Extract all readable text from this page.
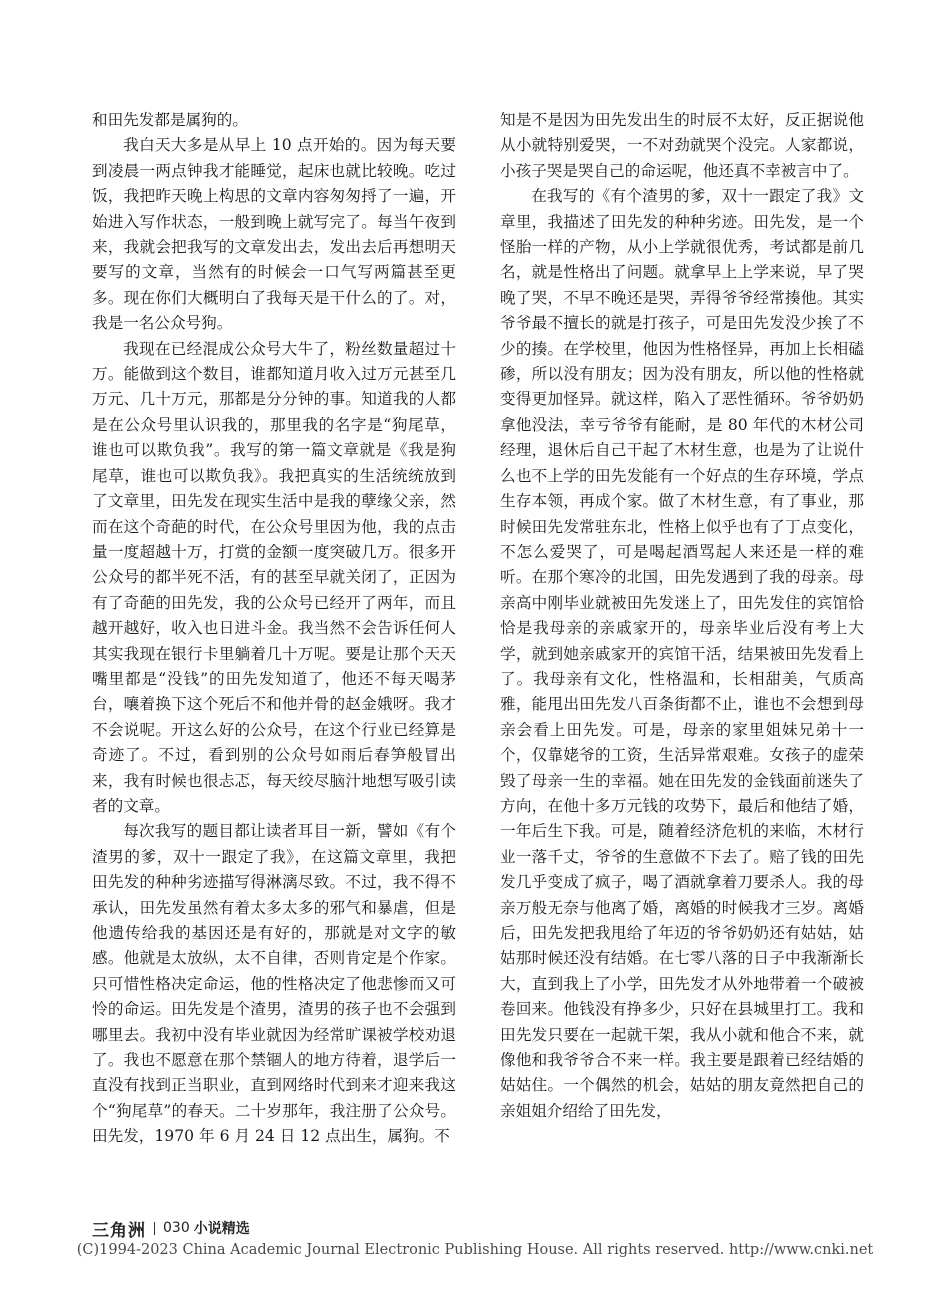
和田先发都是属狗的。

我白天大多是从早上 10 点开始的。因为每天要到凌晨一两点钟我才能睡觉，起床也就比较晚。吃过饭，我把昨天晚上构思的文章内容匆匆捋了一遍，开始进入写作状态，一般到晚上就写完了。每当午夜到来，我就会把我写的文章发出去，发出去后再想明天要写的文章，当然有的时候会一口气写两篇甚至更多。现在你们大概明白了我每天是干什么的了。对，我是一名公众号狗。

我现在已经混成公众号大牛了，粉丝数量超过十万。能做到这个数目，谁都知道月收入过万元甚至几万元、几十万元，那都是分分钟的事。知道我的人都是在公众号里认识我的，那里我的名字是“狗尾草，谁也可以欺负我”。我写的第一篇文章就是《我是狗尾草，谁也可以欺负我》。我把真实的生活统统放到了文章里，田先发在现实生活中是我的孽缘父亲，然而在这个奇葩的时代，在公众号里因为他，我的点击量一度超越十万，打赏的金额一度突破几万。很多开公众号的都半死不活，有的甚至早就关闭了，正因为有了奇葩的田先发，我的公众号已经开了两年，而且越开越好，收入也日进斗金。我当然不会告诉任何人其实我现在银行卡里躺着几十万呢。要是让那个天天嘴里都是“没钱”的田先发知道了，他还不每天喝茅台，嚷着换下这个死后不和他并骨的赵金娥呀。我才不会说呢。开这么好的公众号，在这个行业已经算是奇迹了。不过，看到别的公众号如雨后春笋般冒出来，我有时候也很忐忑，每天绞尽脑汁地想写吸引读者的文章。

每次我写的题目都让读者耳目一新，譬如《有个渣男的爹，双十一跟定了我》，在这篇文章里，我把田先发的种种劣迹描写得淋漓尽致。不过，我不得不承认，田先发虽然有着太多太多的邪气和暴虐，但是他遗传给我的基因还是有好的，那就是对文字的敏感。他就是太放纵，太不自律，否则肯定是个作家。只可惜性格决定命运，他的性格决定了他悲惨而又可怜的命运。田先发是个渣男，渣男的孩子也不会强到哪里去。我初中没有毕业就因为经常旷课被学校劝退了。我也不愿意在那个禁锢人的地方待着，退学后一直没有找到正当职业，直到网络时代到来才迎来我这个“狗尾草”的春天。二十岁那年，我注册了公众号。田先发，1970 年 6 月 24 日 12 点出生，属狗。不

知是不是因为田先发出生的时辰不太好，反正据说他从小就特别爱哭，一不对劲就哭个没完。人家都说，小孩子哭是哭自己的命运呢，他还真不幸被言中了。

在我写的《有个渣男的爹，双十一跟定了我》文章里，我描述了田先发的种种劣迹。田先发，是一个怪胎一样的产物，从小上学就很优秀，考试都是前几名，就是性格出了问题。就拿早上上学来说，早了哭晚了哭，不早不晚还是哭，弄得爷爷经常揍他。其实爷爷最不擅长的就是打孩子，可是田先发没少挨了不少的揍。在学校里，他因为性格怪异，再加上长相磕碜，所以没有朋友；因为没有朋友，所以他的性格就变得更加怪异。就这样，陷入了恶性循环。爷爷奶奶拿他没法，幸亏爷爷有能耐，是 80 年代的木材公司经理，退休后自己干起了木材生意，也是为了让说什么也不上学的田先发能有一个好点的生存环境，学点生存本领，再成个家。做了木材生意，有了事业，那时候田先发常驻东北，性格上似乎也有了丁点变化，不怎么爱哭了，可是喝起酒骂起人来还是一样的难听。在那个寒冷的北国，田先发遇到了我的母亲。母亲高中刚毕业就被田先发迷上了，田先发住的宾馆恰恰是我母亲的亲戚家开的，母亲毕业后没有考上大学，就到她亲戚家开的宾馆干活，结果被田先发看上了。我母亲有文化，性格温和，长相甜美，气质高雅，能甩出田先发八百条街都不止，谁也不会想到母亲会看上田先发。可是，母亲的家里姐妹兄弟十一个，仅靠姥爷的工资，生活异常艰难。女孩子的虚荣毁了母亲一生的幸福。她在田先发的金钱面前迷失了方向，在他十多万元钱的攻势下，最后和他结了婚，一年后生下我。可是，随着经济危机的来临，木材行业一落千丈，爷爷的生意做不下去了。赔了钱的田先发几乎变成了疯子，喝了酒就拿着刀要杀人。我的母亲万般无奈与他离了婚，离婚的时候我才三岁。离婚后，田先发把我甩给了年迈的爷爷奶奶还有姑姑，姑姑那时候还没有结婚。在七零八落的日子中我渐渐长大，直到我上了小学，田先发才从外地带着一个破被卷回来。他钱没有挣多少，只好在县城里打工。我和田先发只要在一起就干架，我从小就和他合不来，就像他和我爷爷合不来一样。我主要是跟着已经结婚的姑姑住。一个偶然的机会，姑姑的朋友竟然把自己的亲姐姐介绍给了田先发，

三角洲 030 小说精选
(C)1994-2023 China Academic Journal Electronic Publishing House. All rights reserved. http://www.cnki.net
